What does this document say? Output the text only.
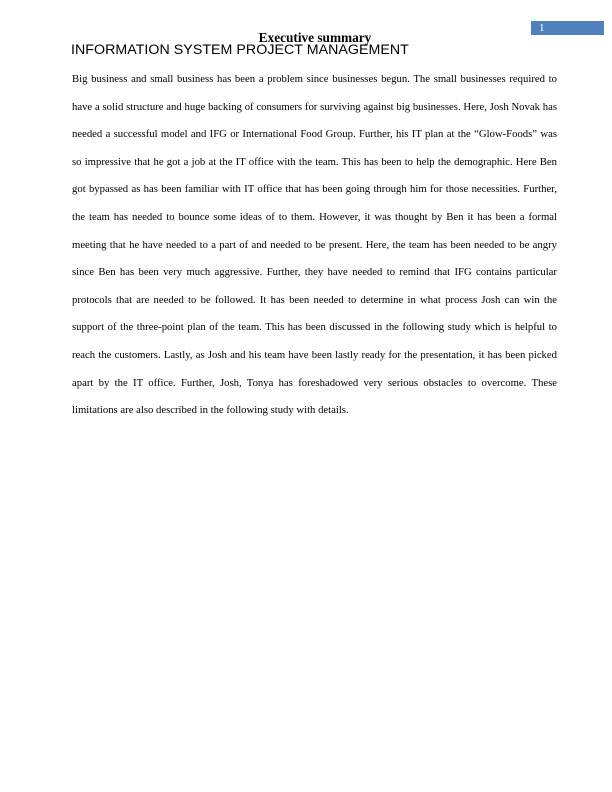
1
INFORMATION SYSTEM PROJECT MANAGEMENT
Executive summary

Big business and small business has been a problem since businesses begun. The small businesses required to have a solid structure and huge backing of consumers for surviving against big businesses. Here, Josh Novak has needed a successful model and IFG or International Food Group. Further, his IT plan at the “Glow-Foods” was so impressive that he got a job at the IT office with the team. This has been to help the demographic. Here Ben got bypassed as has been familiar with IT office that has been going through him for those necessities. Further, the team has needed to bounce some ideas of to them. However, it was thought by Ben it has been a formal meeting that he have needed to a part of and needed to be present. Here, the team has been needed to be angry since Ben has been very much aggressive. Further, they have needed to remind that IFG contains particular protocols that are needed to be followed. It has been needed to determine in what process Josh can win the support of the three-point plan of the team. This has been discussed in the following study which is helpful to reach the customers. Lastly, as Josh and his team have been lastly ready for the presentation, it has been picked apart by the IT office. Further, Josh, Tonya has foreshadowed very serious obstacles to overcome. These limitations are also described in the following study with details.
